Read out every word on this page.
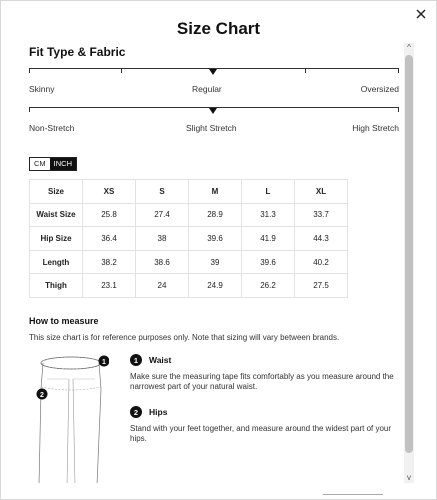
Size Chart
Fit Type & Fabric
Skinny	Regular	Oversized
Non-Stretch	Slight Stretch	High Stretch
CM	INCH
Size	XS	S	M	L	XL
Waist Size	25.8	27.4	28.9	31.3	33.7
Hip Size	36.4	38	39.6	41.9	44.3
Length	38.2	38.6	39	39.6	40.2
Thigh	23.1	24	24.9	26.2	27.5
How to measure
This size chart is for reference purposes only. Note that sizing will vary between brands.
1
2
1	Waist
Make sure the measuring tape fits comfortably as you measure around the narrowest part of your natural waist.
2	Hips
Stand with your feet together, and measure around the widest part of your hips.
^
v
